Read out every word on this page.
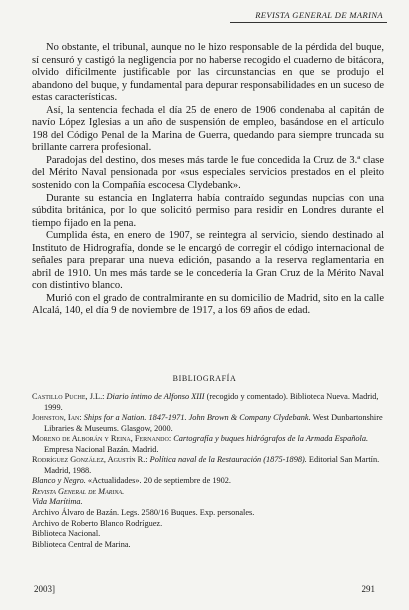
REVISTA GENERAL DE MARINA

No obstante, el tribunal, aunque no le hizo responsable de la pérdida del buque, sí censuró y castigó la negligencia por no haberse recogido el cuaderno de bitácora, olvido difícilmente justificable por las circunstancias en que se produjo el abandono del buque, y fundamental para depurar responsabilidades en un suceso de estas características.

Así, la sentencia fechada el día 25 de enero de 1906 condenaba al capitán de navío López Iglesias a un año de suspensión de empleo, basándose en el artículo 198 del Código Penal de la Marina de Guerra, quedando para siempre truncada su brillante carrera profesional.

Paradojas del destino, dos meses más tarde le fue concedida la Cruz de 3.ª clase del Mérito Naval pensionada por «sus especiales servicios prestados en el pleito sostenido con la Compañía escocesa Clydebank».

Durante su estancia en Inglaterra había contraído segundas nupcias con una súbdita británica, por lo que solicitó permiso para residir en Londres durante el tiempo fijado en la pena.

Cumplida ésta, en enero de 1907, se reintegra al servicio, siendo destinado al Instituto de Hidrografía, donde se le encargó de corregir el código internacional de señales para preparar una nueva edición, pasando a la reserva reglamentaria en abril de 1910. Un mes más tarde se le concedería la Gran Cruz de la Mérito Naval con distintivo blanco.

Murió con el grado de contralmirante en su domicilio de Madrid, sito en la calle Alcalá, 140, el día 9 de noviembre de 1917, a los 69 años de edad.

BIBLIOGRAFÍA
Castillo Puche, J.L.: Diario íntimo de Alfonso XIII (recogido y comentado). Biblioteca Nueva. Madrid, 1999.
Johnston, Ian: Ships for a Nation. 1847-1971. John Brown & Company Clydebank. West Dunbartonshire Libraries & Museums. Glasgow, 2000.
Moreno de Alborán y Reina, Fernando: Cartografía y buques hidrógrafos de la Armada Española. Empresa Nacional Bazán. Madrid.
Rodríguez González, Agustín R.: Política naval de la Restauración (1875-1898). Editorial San Martín. Madrid, 1988.
Blanco y Negro. «Actualidades». 20 de septiembre de 1902.
Revista General de Marina.
Vida Marítima.
Archivo Álvaro de Bazán. Legs. 2580/16 Buques. Exp. personales.
Archivo de Roberto Blanco Rodríguez.
Biblioteca Nacional.
Biblioteca Central de Marina.
2003]	291
